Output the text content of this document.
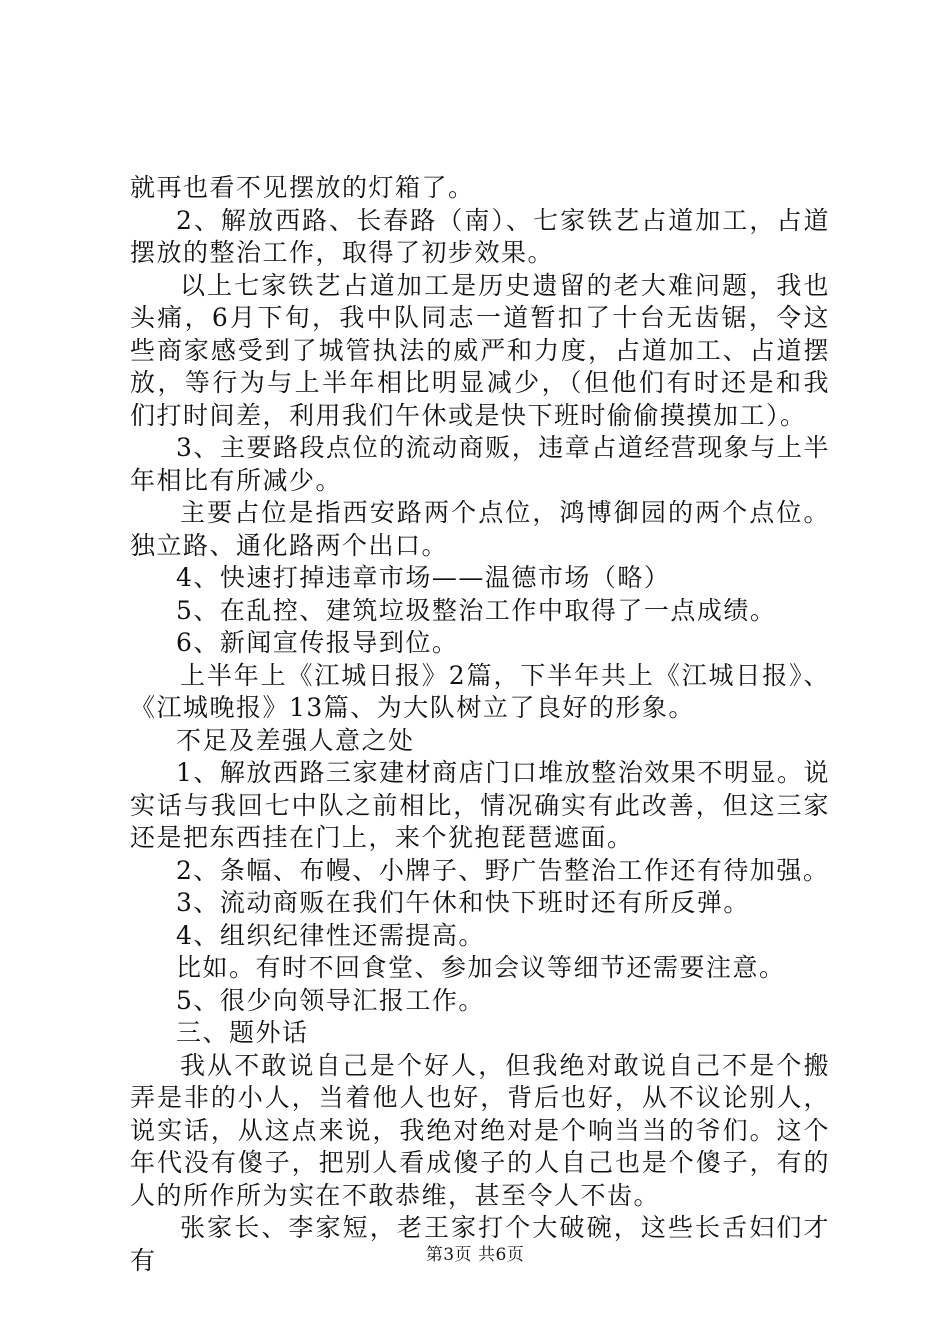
就再也看不见摆放的灯箱了。

2、解放西路、长春路（南）、七家铁艺占道加工，占道摆放的整治工作，取得了初步效果。

以上七家铁艺占道加工是历史遗留的老大难问题，我也头痛，6月下旬，我中队同志一道暂扣了十台无齿锯，令这些商家感受到了城管执法的威严和力度，占道加工、占道摆放，等行为与上半年相比明显减少，（但他们有时还是和我们打时间差，利用我们午休或是快下班时偷偷摸摸加工）。

3、主要路段点位的流动商贩，违章占道经营现象与上半年相比有所减少。

主要占位是指西安路两个点位，鸿博御园的两个点位。独立路、通化路两个出口。

4、快速打掉违章市场——温德市场（略）

5、在乱控、建筑垃圾整治工作中取得了一点成绩。

6、新闻宣传报导到位。

上半年上《江城日报》2篇，下半年共上《江城日报》、《江城晚报》13篇、为大队树立了良好的形象。

不足及差强人意之处

1、解放西路三家建材商店门口堆放整治效果不明显。说实话与我回七中队之前相比，情况确实有此改善，但这三家还是把东西挂在门上，来个犹抱琵琶遮面。

2、条幅、布幔、小牌子、野广告整治工作还有待加强。

3、流动商贩在我们午休和快下班时还有所反弹。

4、组织纪律性还需提高。

比如。有时不回食堂、参加会议等细节还需要注意。

5、很少向领导汇报工作。

三、题外话

我从不敢说自己是个好人，但我绝对敢说自己不是个搬弄是非的小人，当着他人也好，背后也好，从不议论别人，说实话，从这点来说，我绝对绝对是个响当当的爷们。这个年代没有傻子，把别人看成傻子的人自己也是个傻子，有的人的所作所为实在不敢恭维，甚至令人不齿。

张家长、李家短，老王家打个大破碗，这些长舌妇们才有	第3页 共6页
